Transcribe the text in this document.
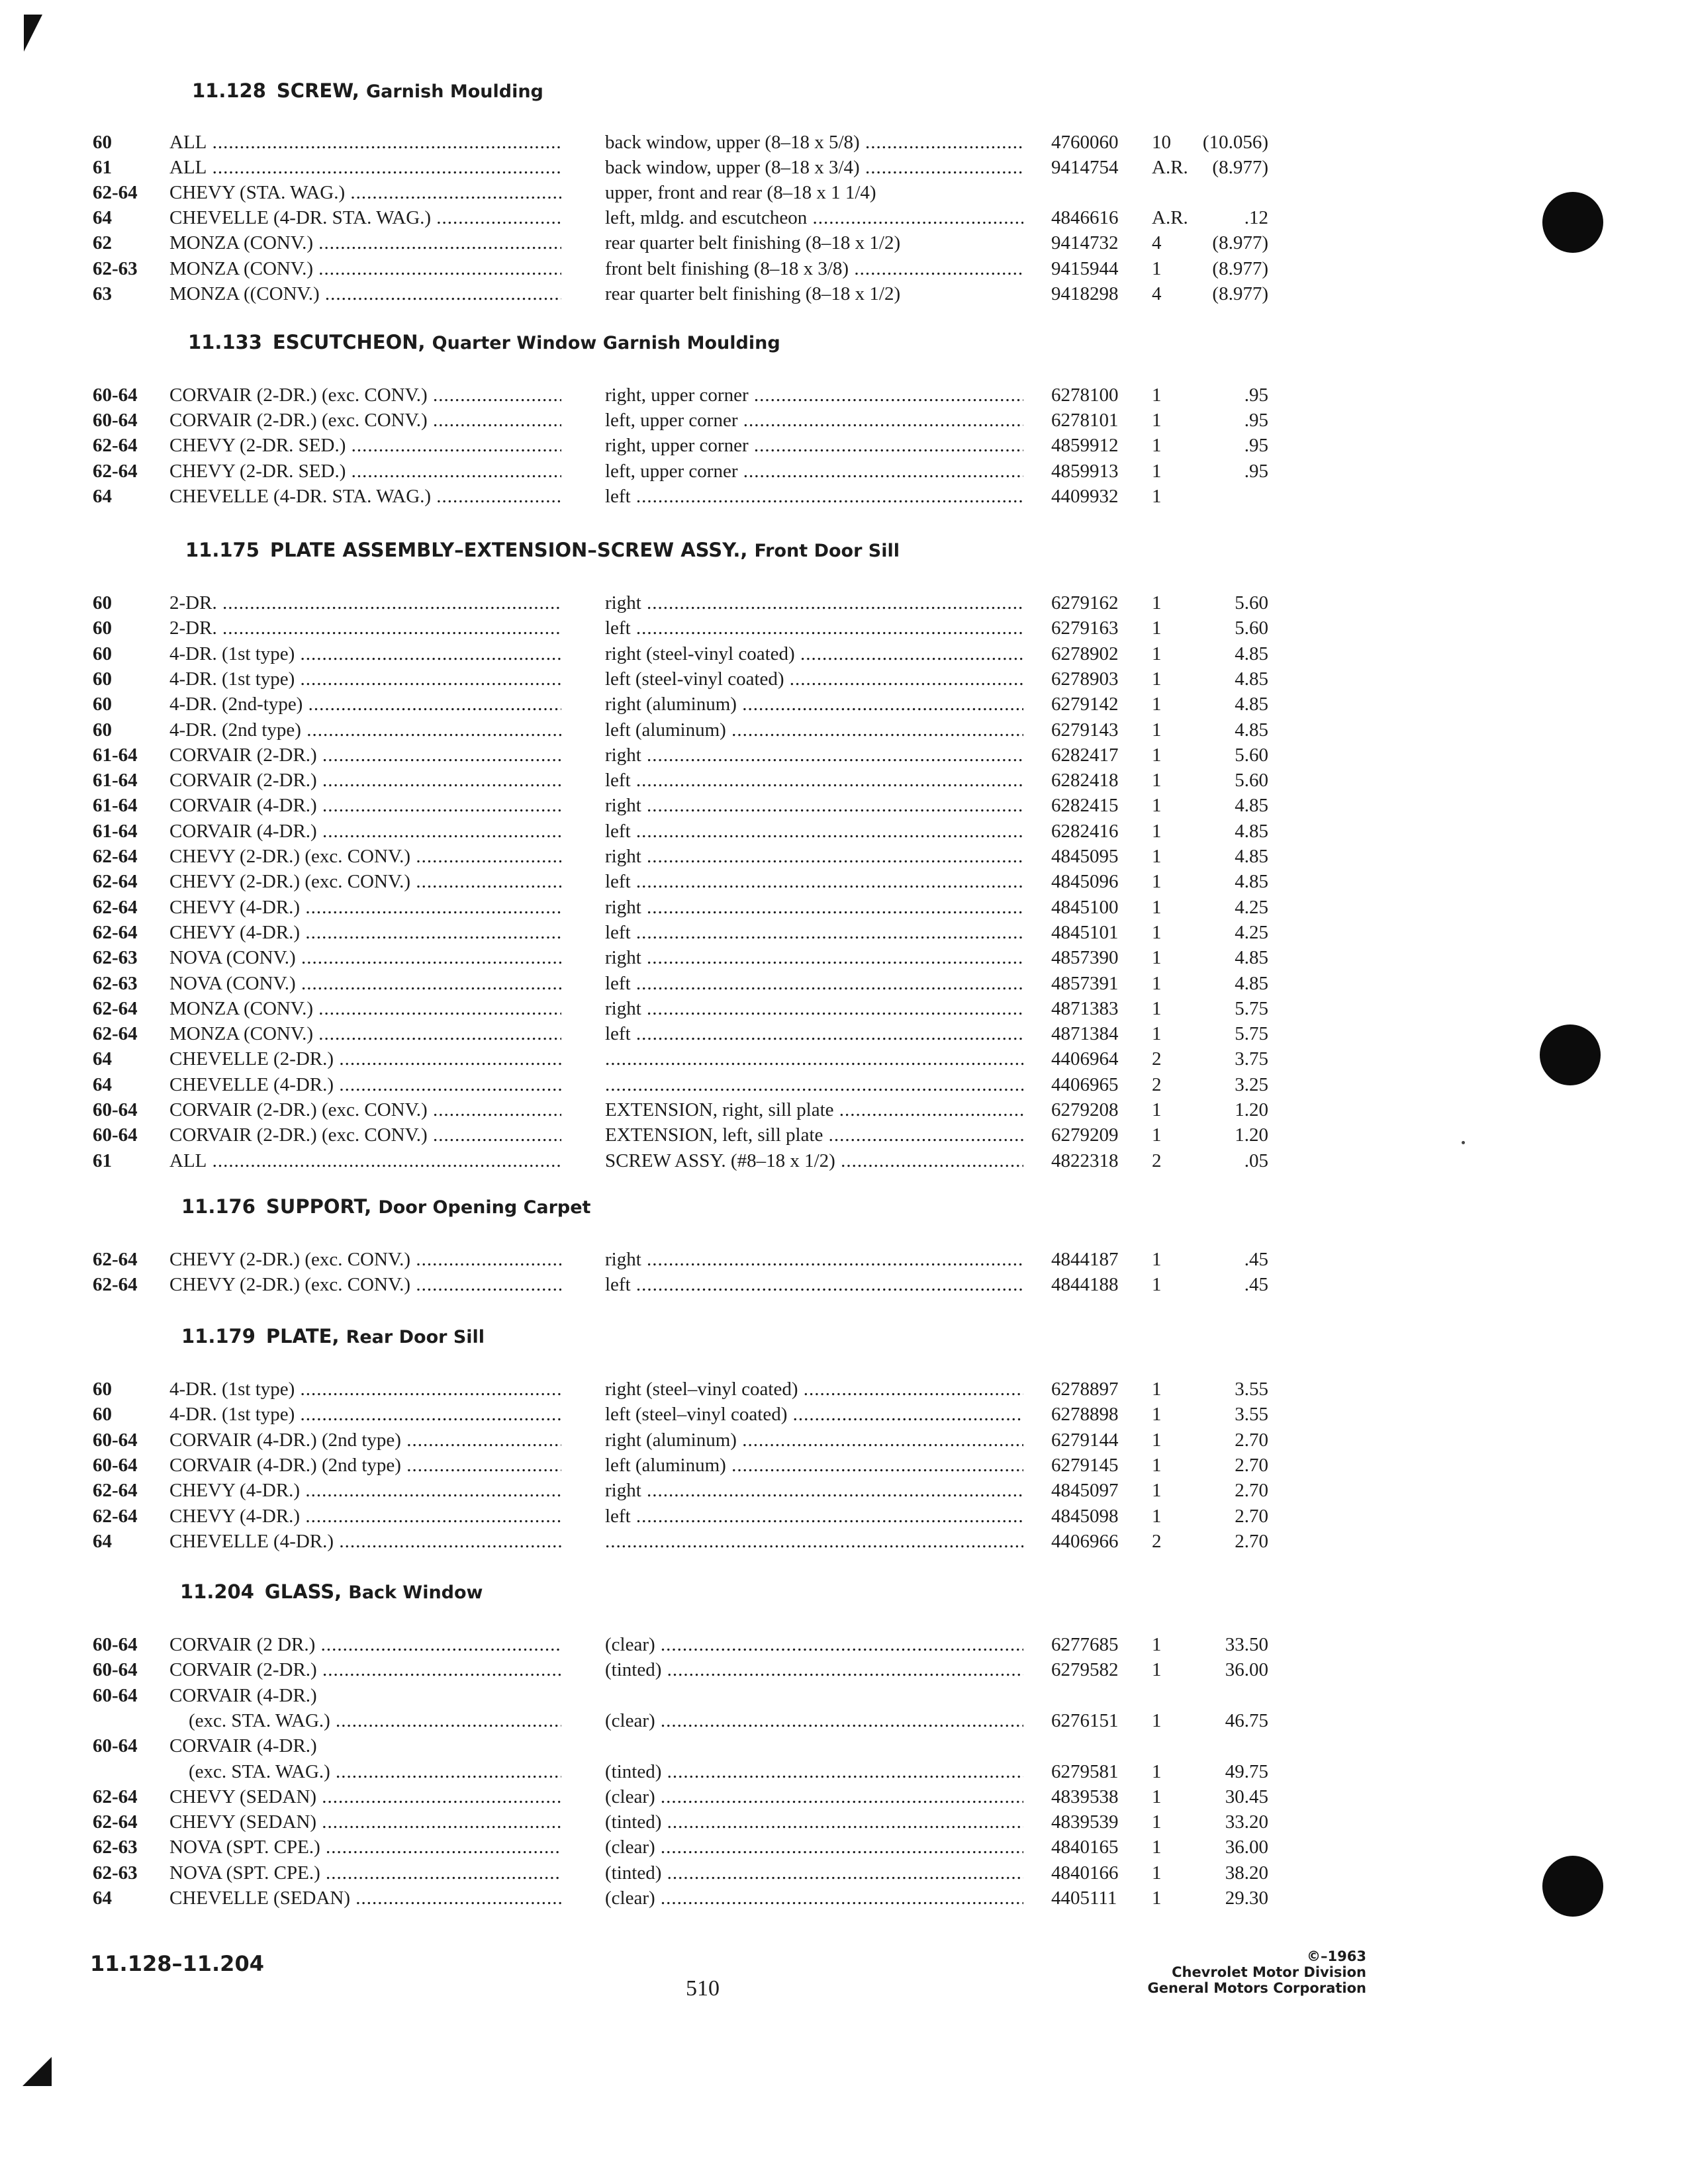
11.128 SCREW, Garnish Moulding
60	ALL .....	back window, upper (8–18 x 5/8) .....	4760060 10	(10.056)
61	ALL .....	back window, upper (8–18 x 3/4) .....	9414754 A.R.	(8.977)
62-64 CHEVY (STA. WAG.) .....	upper, front and rear (8–18 x 1 1/4)
64	CHEVELLE (4-DR. STA. WAG.) .....	left, mldg. and escutcheon .....	4846616 A.R.	.12
62	MONZA (CONV.) .....	rear quarter belt finishing (8–18 x 1/2)	9414732 4	(8.977)
62-63 MONZA (CONV.) .....	front belt finishing (8–18 x 3/8) .....	9415944 1	(8.977)
63	MONZA ((CONV.) .....	rear quarter belt finishing (8–18 x 1/2)	9418298 4	(8.977)
11.133 ESCUTCHEON, Quarter Window Garnish Moulding
60-64 CORVAIR (2-DR.) (exc. CONV.) .....	right, upper corner .....	6278100 1	.95
60-64 CORVAIR (2-DR.) (exc. CONV.) .....	left, upper corner .....	6278101 1	.95
62-64 CHEVY (2-DR. SED.) .....	right, upper corner .....	4859912 1	.95
62-64 CHEVY (2-DR. SED.) .....	left, upper corner .....	4859913 1	.95
64	CHEVELLE (4-DR. STA. WAG.) .....	left .....	4409932 1
11.175 PLATE ASSEMBLY–EXTENSION–SCREW ASSY., Front Door Sill
60	2-DR. .....	right .....	6279162 1	5.60
60	2-DR. .....	left .....	6279163 1	5.60
60	4-DR. (1st type) .....	right (steel-vinyl coated) .....	6278902 1	4.85
60	4-DR. (1st type) .....	left (steel-vinyl coated) .....	6278903 1	4.85
60	4-DR. (2nd-type) .....	right (aluminum) .....	6279142 1	4.85
60	4-DR. (2nd type) .....	left (aluminum) .....	6279143 1	4.85
61-64 CORVAIR (2-DR.) .....	right .....	6282417 1	5.60
61-64 CORVAIR (2-DR.) .....	left .....	6282418 1	5.60
61-64 CORVAIR (4-DR.) .....	right .....	6282415 1	4.85
61-64 CORVAIR (4-DR.) .....	left .....	6282416 1	4.85
62-64 CHEVY (2-DR.) (exc. CONV.) .....	right .....	4845095 1	4.85
62-64 CHEVY (2-DR.) (exc. CONV.) .....	left .....	4845096 1	4.85
62-64 CHEVY (4-DR.) .....	right .....	4845100 1	4.25
62-64 CHEVY (4-DR.) .....	left .....	4845101 1	4.25
62-63 NOVA (CONV.) .....	right .....	4857390 1	4.85
62-63 NOVA (CONV.) .....	left .....	4857391 1	4.85
62-64 MONZA (CONV.) .....	right .....	4871383 1	5.75
62-64 MONZA (CONV.) .....	left .....	4871384 1	5.75
64	CHEVELLE (2-DR.) ..... .....	4406964 2	3.75
64	CHEVELLE (4-DR.) ..... .....	4406965 2	3.25
60-64 CORVAIR (2-DR.) (exc. CONV.) .....	EXTENSION, right, sill plate .....	6279208 1	1.20
60-64 CORVAIR (2-DR.) (exc. CONV.) .....	EXTENSION, left, sill plate .....	6279209 1	1.20
61	ALL .....	SCREW ASSY. (#8–18 x 1/2) .....	4822318 2	.05
11.176 SUPPORT, Door Opening Carpet
62-64 CHEVY (2-DR.) (exc. CONV.) .....	right .....	4844187 1	.45
62-64 CHEVY (2-DR.) (exc. CONV.) .....	left .....	4844188 1	.45
11.179 PLATE, Rear Door Sill
60	4-DR. (1st type) .....	right (steel–vinyl coated) .....	6278897 1	3.55
60	4-DR. (1st type) .....	left (steel–vinyl coated) .....	6278898 1	3.55
60-64 CORVAIR (4-DR.) (2nd type) .....	right (aluminum) .....	6279144 1	2.70
60-64 CORVAIR (4-DR.) (2nd type) .....	left (aluminum) .....	6279145 1	2.70
62-64 CHEVY (4-DR.) .....	right .....	4845097 1	2.70
62-64 CHEVY (4-DR.) .....	left .....	4845098 1	2.70
64	CHEVELLE (4-DR.) ..... .....	4406966 2	2.70
11.204 GLASS, Back Window
60-64 CORVAIR (2 DR.) .....	(clear) .....	6277685 1	33.50
60-64 CORVAIR (2-DR.) .....	(tinted) .....	6279582 1	36.00
60-64 CORVAIR (4-DR.)
(exc. STA. WAG.) .....	(clear) .....	6276151 1	46.75
60-64 CORVAIR (4-DR.)
(exc. STA. WAG.) .....	(tinted) .....	6279581 1	49.75
62-64 CHEVY (SEDAN) .....	(clear) .....	4839538 1	30.45
62-64 CHEVY (SEDAN) .....	(tinted) .....	4839539 1	33.20
62-63 NOVA (SPT. CPE.) .....	(clear) .....	4840165 1	36.00
62-63 NOVA (SPT. CPE.) .....	(tinted) .....	4840166 1	38.20
64	CHEVELLE (SEDAN) .....	(clear) .....	4405111 1	29.30
11.128–11.204
510
©–1963
Chevrolet Motor Division
General Motors Corporation
